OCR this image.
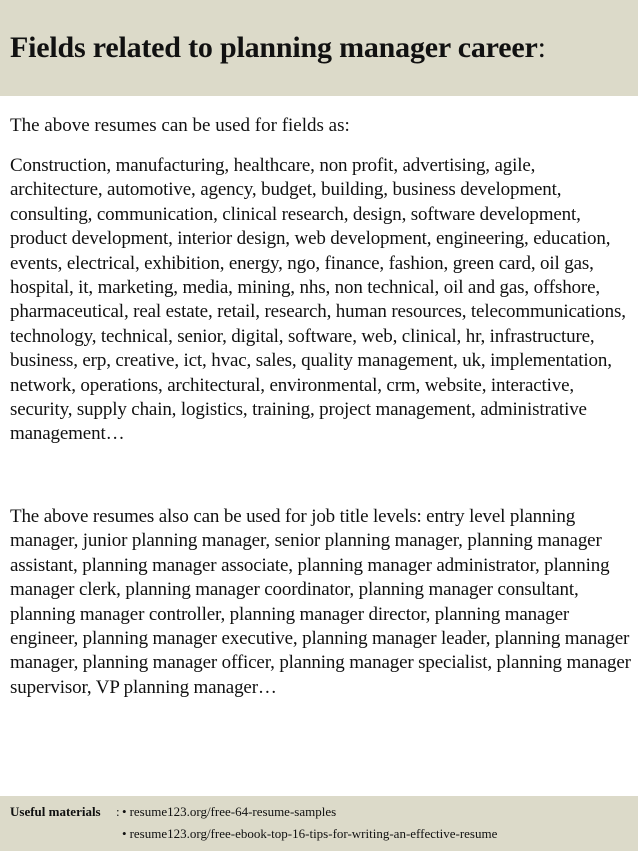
Fields related to planning manager career:

The above resumes can be used for fields as:

Construction, manufacturing, healthcare, non profit, advertising, agile, architecture, automotive, agency, budget, building, business development, consulting, communication, clinical research, design, software development, product development, interior design, web development, engineering, education, events, electrical, exhibition, energy, ngo, finance, fashion, green card, oil gas, hospital, it, marketing, media, mining, nhs, non technical, oil and gas, offshore, pharmaceutical, real estate, retail, research, human resources, telecommunications, technology, technical, senior, digital, software, web, clinical, hr, infrastructure, business, erp, creative, ict, hvac, sales, quality management, uk, implementation, network, operations, architectural, environmental, crm, website, interactive, security, supply chain, logistics, training, project management, administrative management…

The above resumes also can be used for job title levels: entry level planning manager, junior planning manager, senior planning manager, planning manager assistant, planning manager associate, planning manager administrator, planning manager clerk, planning manager coordinator, planning manager consultant, planning manager controller, planning manager director, planning manager engineer, planning manager executive, planning manager leader, planning manager manager, planning manager officer, planning manager specialist, planning manager supervisor, VP planning manager…

Useful materials : • resume123.org/free-64-resume-samples
• resume123.org/free-ebook-top-16-tips-for-writing-an-effective-resume
